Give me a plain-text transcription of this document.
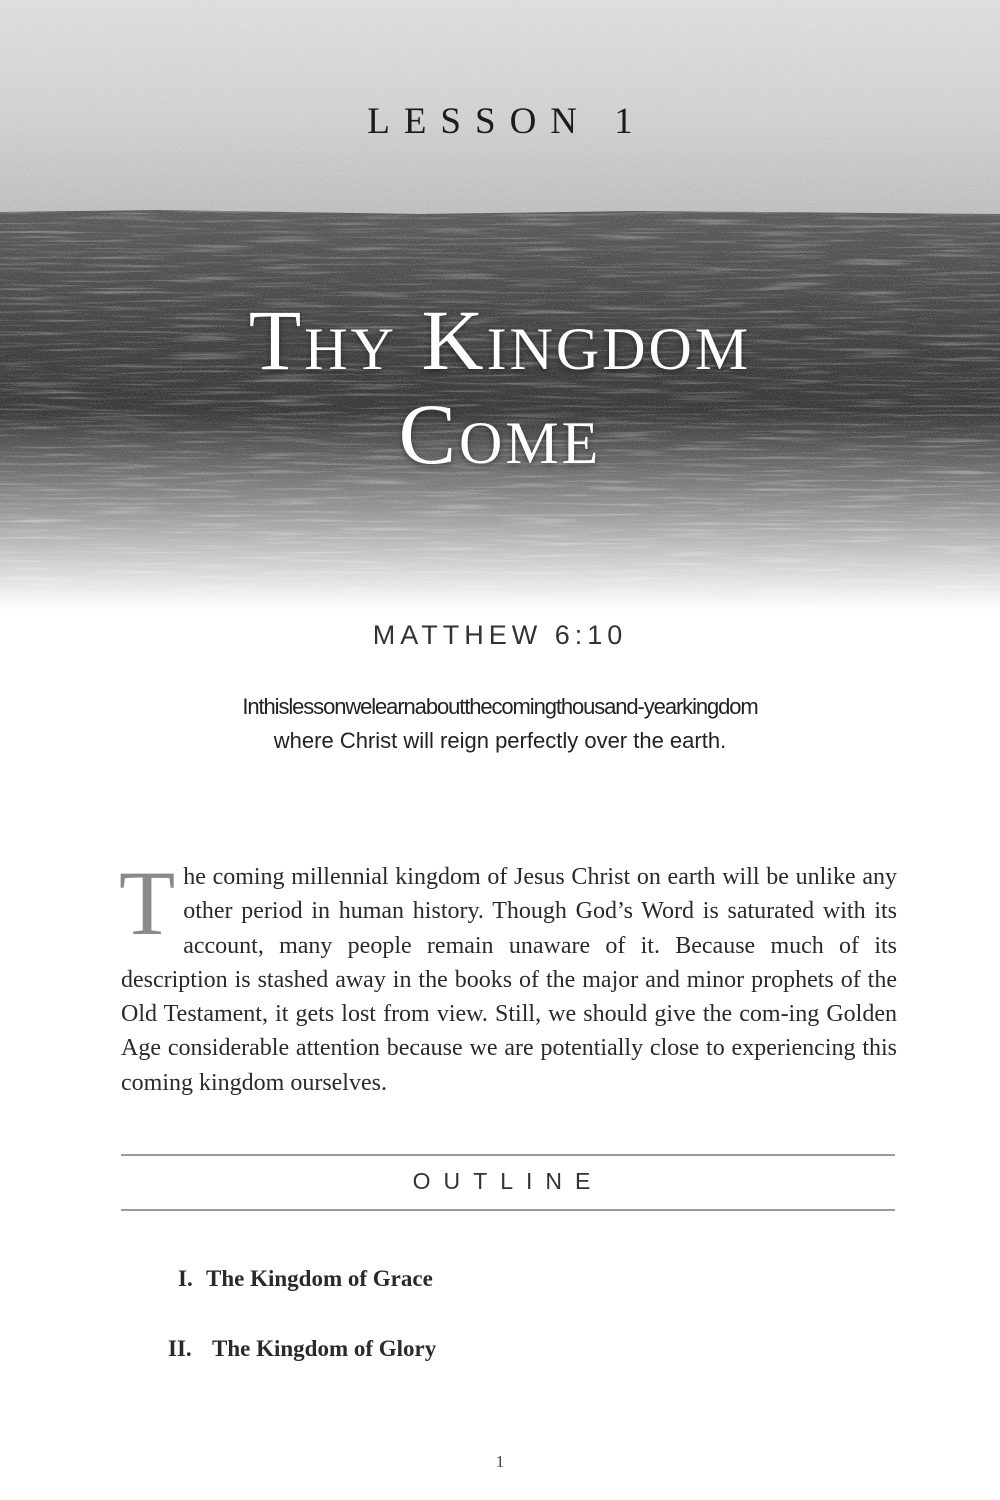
LESSON 1
Thy Kingdom
Come
MATTHEW 6:10
Inthislessonwelearnaboutthecomingthousand-yearkingdom
where Christ will reign perfectly over the earth.

The coming millennial kingdom of Jesus Christ on earth will be unlike any other period in human history. Though God’s Word is saturated with its account, many people remain unaware of it. Because much of its description is stashed away in the books of the major and minor prophets of the Old Testament, it gets lost from view. Still, we should give the com-ing Golden Age considerable attention because we are potentially close to experiencing this coming kingdom ourselves.

OUTLINE
I. The Kingdom of Grace
II. The Kingdom of Glory
1
